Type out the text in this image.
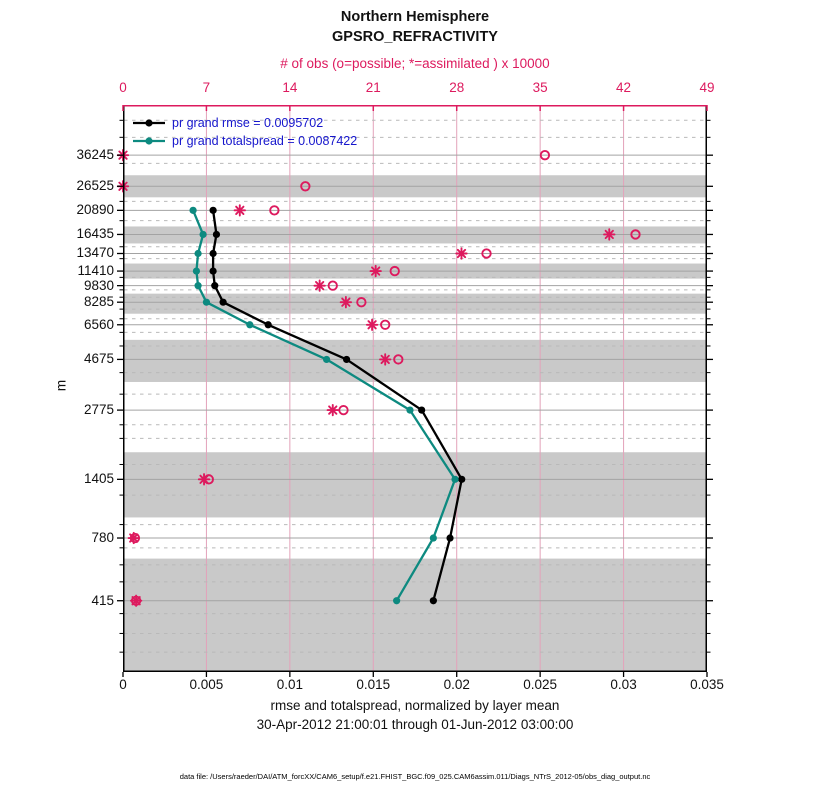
Northern Hemisphere
GPSRO_REFRACTIVITY
# of obs (o=possible; *=assimilated ) x 10000
0	7	14	21	28	35	42	49
36245
26525
20890
16435
13470
11410
9830
8285
6560
4675
2775
1405
780
415
m
pr grand rmse = 0.0095702
pr grand totalspread = 0.0087422
0	0.005	0.01	0.015	0.02	0.025	0.03	0.035
rmse and totalspread, normalized by layer mean
30-Apr-2012 21:00:01 through 01-Jun-2012 03:00:00
data file: /Users/raeder/DAI/ATM_forcXX/CAM6_setup/f.e21.FHIST_BGC.f09_025.CAM6assim.011/Diags_NTrS_2012-05/obs_diag_output.nc
